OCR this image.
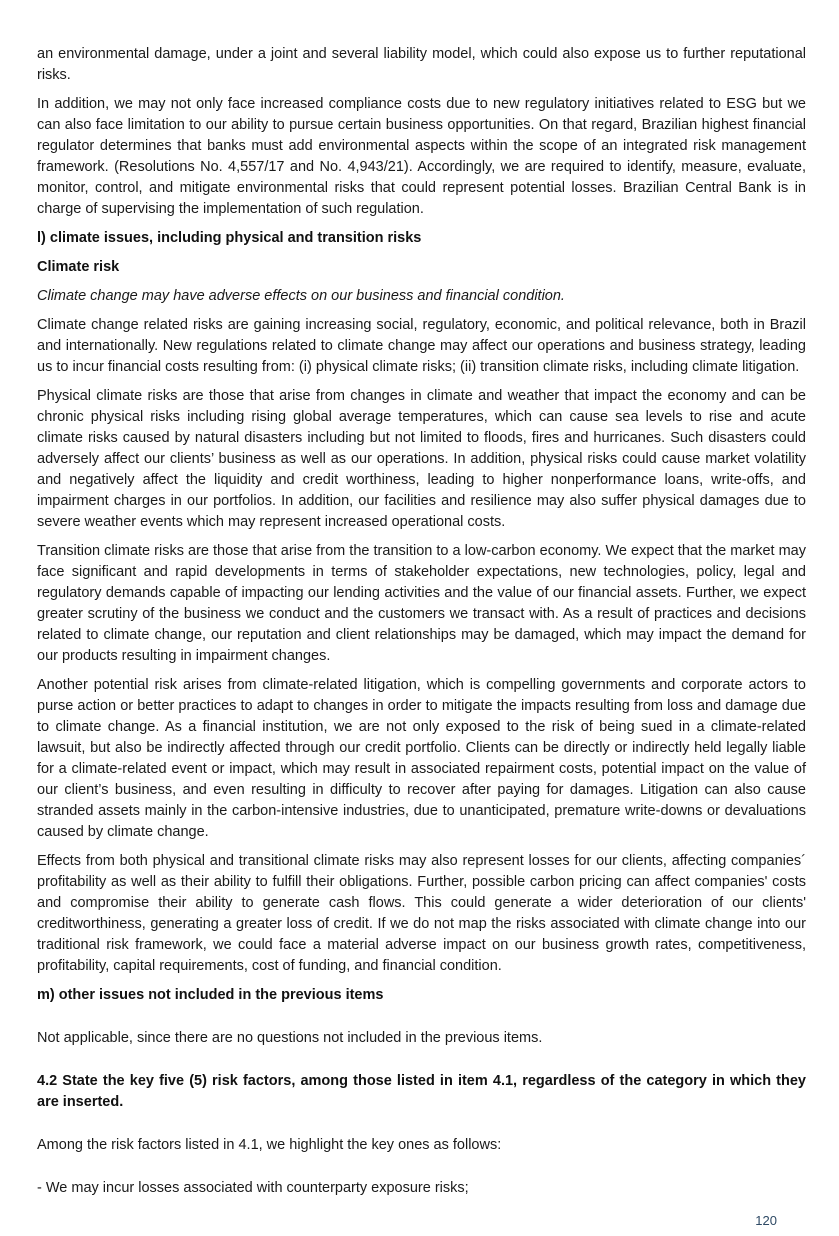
an environmental damage, under a joint and several liability model, which could also expose us to further reputational risks.

In addition, we may not only face increased compliance costs due to new regulatory initiatives related to ESG but we can also face limitation to our ability to pursue certain business opportunities. On that regard, Brazilian highest financial regulator determines that banks must add environmental aspects within the scope of an integrated risk management framework. (Resolutions No. 4,557/17 and No. 4,943/21). Accordingly, we are required to identify, measure, evaluate, monitor, control, and mitigate environmental risks that could represent potential losses. Brazilian Central Bank is in charge of supervising the implementation of such regulation.

l) climate issues, including physical and transition risks

Climate risk

Climate change may have adverse effects on our business and financial condition.

Climate change related risks are gaining increasing social, regulatory, economic, and political relevance, both in Brazil and internationally. New regulations related to climate change may affect our operations and business strategy, leading us to incur financial costs resulting from: (i) physical climate risks; (ii) transition climate risks, including climate litigation.

Physical climate risks are those that arise from changes in climate and weather that impact the economy and can be chronic physical risks including rising global average temperatures, which can cause sea levels to rise and acute climate risks caused by natural disasters including but not limited to floods, fires and hurricanes. Such disasters could adversely affect our clients’ business as well as our operations. In addition, physical risks could cause market volatility and negatively affect the liquidity and credit worthiness, leading to higher nonperformance loans, write-offs, and impairment charges in our portfolios. In addition, our facilities and resilience may also suffer physical damages due to severe weather events which may represent increased operational costs.

Transition climate risks are those that arise from the transition to a low-carbon economy. We expect that the market may face significant and rapid developments in terms of stakeholder expectations, new technologies, policy, legal and regulatory demands capable of impacting our lending activities and the value of our financial assets. Further, we expect greater scrutiny of the business we conduct and the customers we transact with. As a result of practices and decisions related to climate change, our reputation and client relationships may be damaged, which may impact the demand for our products resulting in impairment changes.

Another potential risk arises from climate-related litigation, which is compelling governments and corporate actors to purse action or better practices to adapt to changes in order to mitigate the impacts resulting from loss and damage due to climate change. As a financial institution, we are not only exposed to the risk of being sued in a climate-related lawsuit, but also be indirectly affected through our credit portfolio. Clients can be directly or indirectly held legally liable for a climate-related event or impact, which may result in associated repairment costs, potential impact on the value of our client’s business, and even resulting in difficulty to recover after paying for damages. Litigation can also cause stranded assets mainly in the carbon-intensive industries, due to unanticipated, premature write-downs or devaluations caused by climate change.

Effects from both physical and transitional climate risks may also represent losses for our clients, affecting companies´ profitability as well as their ability to fulfill their obligations. Further, possible carbon pricing can affect companies' costs and compromise their ability to generate cash flows. This could generate a wider deterioration of our clients' creditworthiness, generating a greater loss of credit. If we do not map the risks associated with climate change into our traditional risk framework, we could face a material adverse impact on our business growth rates, competitiveness, profitability, capital requirements, cost of funding, and financial condition.

m) other issues not included in the previous items

Not applicable, since there are no questions not included in the previous items.

4.2 State the key five (5) risk factors, among those listed in item 4.1, regardless of the category in which they are inserted.

Among the risk factors listed in 4.1, we highlight the key ones as follows:

- We may incur losses associated with counterparty exposure risks;

120
